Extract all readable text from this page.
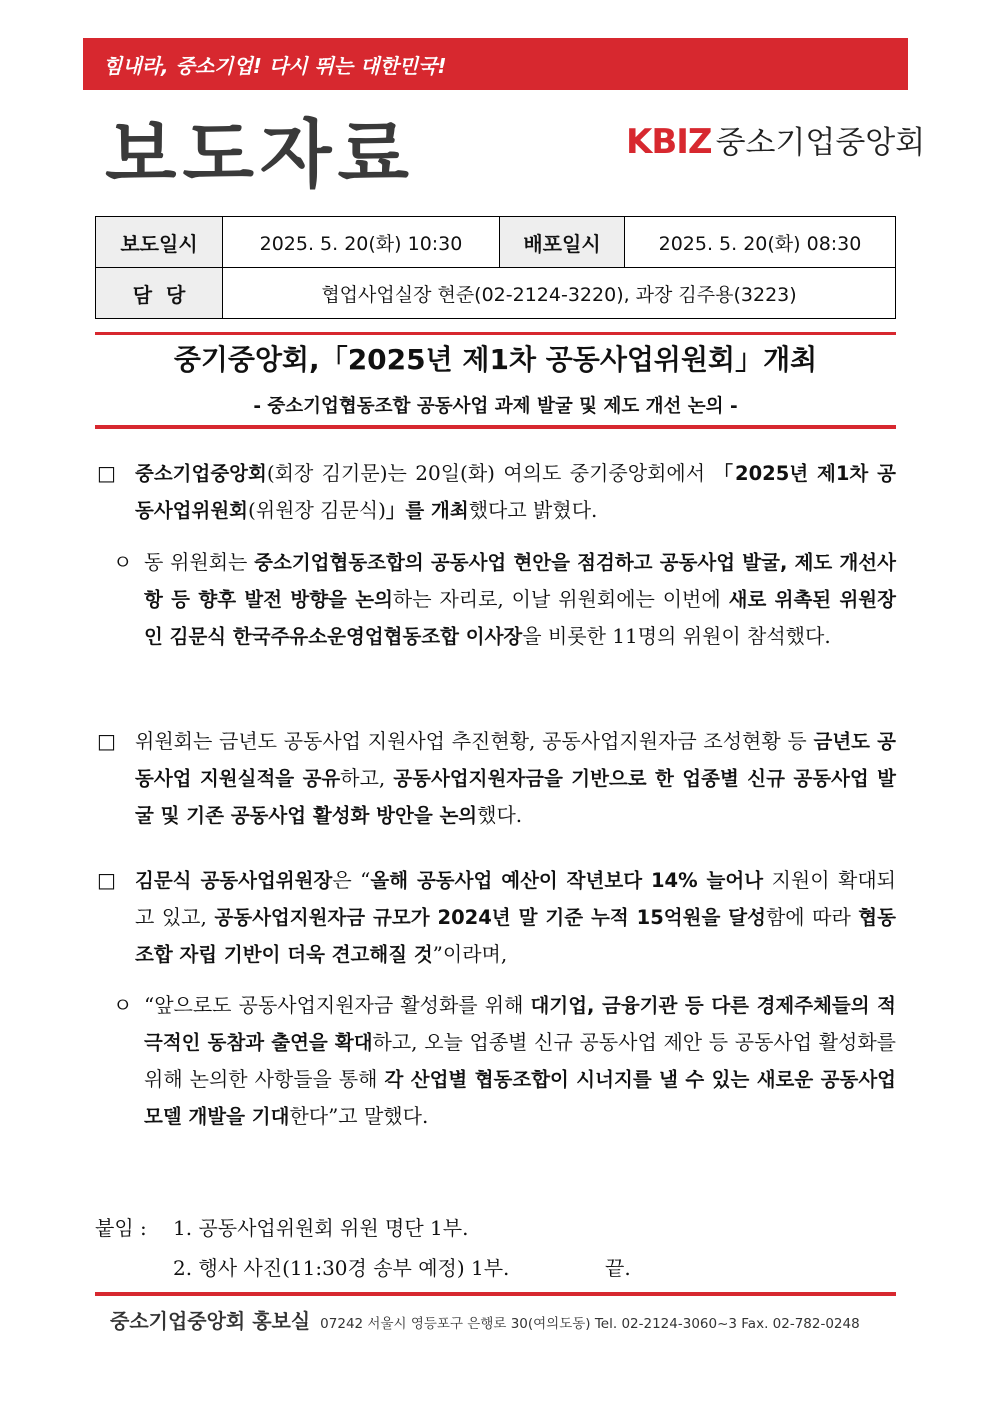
힘내라, 중소기업! 다시 뛰는 대한민국!
보도자료	KBIZ 중소기업중앙회
보도일시	2025. 5. 20(화) 10:30	배포일시	2025. 5. 20(화) 08:30
담  당	협업사업실장 현준(02-2124-3220), 과장 김주용(3223)		
중기중앙회,「2025년 제1차 공동사업위원회」개최
- 중소기업협동조합 공동사업 과제 발굴 및 제도 개선 논의 -
□ 중소기업중앙회(회장 김기문)는 20일(화) 여의도 중기중앙회에서 「2025년 제1차 공동사업위원회(위원장 김문식)」를 개최했다고 밝혔다.
ㅇ 동 위원회는 중소기업협동조합의 공동사업 현안을 점검하고 공동사업 발굴, 제도 개선사항 등 향후 발전 방향을 논의하는 자리로, 이날 위원회에는 이번에 새로 위촉된 위원장인 김문식 한국주유소운영업협동조합 이사장을 비롯한 11명의 위원이 참석했다.
□ 위원회는 금년도 공동사업 지원사업 추진현황, 공동사업지원자금 조성현황 등 금년도 공동사업 지원실적을 공유하고, 공동사업지원자금을 기반으로 한 업종별 신규 공동사업 발굴 및 기존 공동사업 활성화 방안을 논의했다.
□ 김문식 공동사업위원장은 “올해 공동사업 예산이 작년보다 14% 늘어나 지원이 확대되고 있고, 공동사업지원자금 규모가 2024년 말 기준 누적 15억원을 달성함에 따라 협동조합 자립 기반이 더욱 견고해질 것”이라며,
ㅇ “앞으로도 공동사업지원자금 활성화를 위해 대기업, 금융기관 등 다른 경제주체들의 적극적인 동참과 출연을 확대하고, 오늘 업종별 신규 공동사업 제안 등 공동사업 활성화를 위해 논의한 사항들을 통해 각 산업별 협동조합이 시너지를 낼 수 있는 새로운 공동사업 모델 개발을 기대한다”고 말했다.
붙임 : 1. 공동사업위원회 위원 명단 1부.
2. 행사 사진(11:30경 송부 예정) 1부.	끝.
중소기업중앙회 홍보실 07242 서울시 영등포구 은행로 30(여의도동) Tel. 02-2124-3060~3 Fax. 02-782-0248
